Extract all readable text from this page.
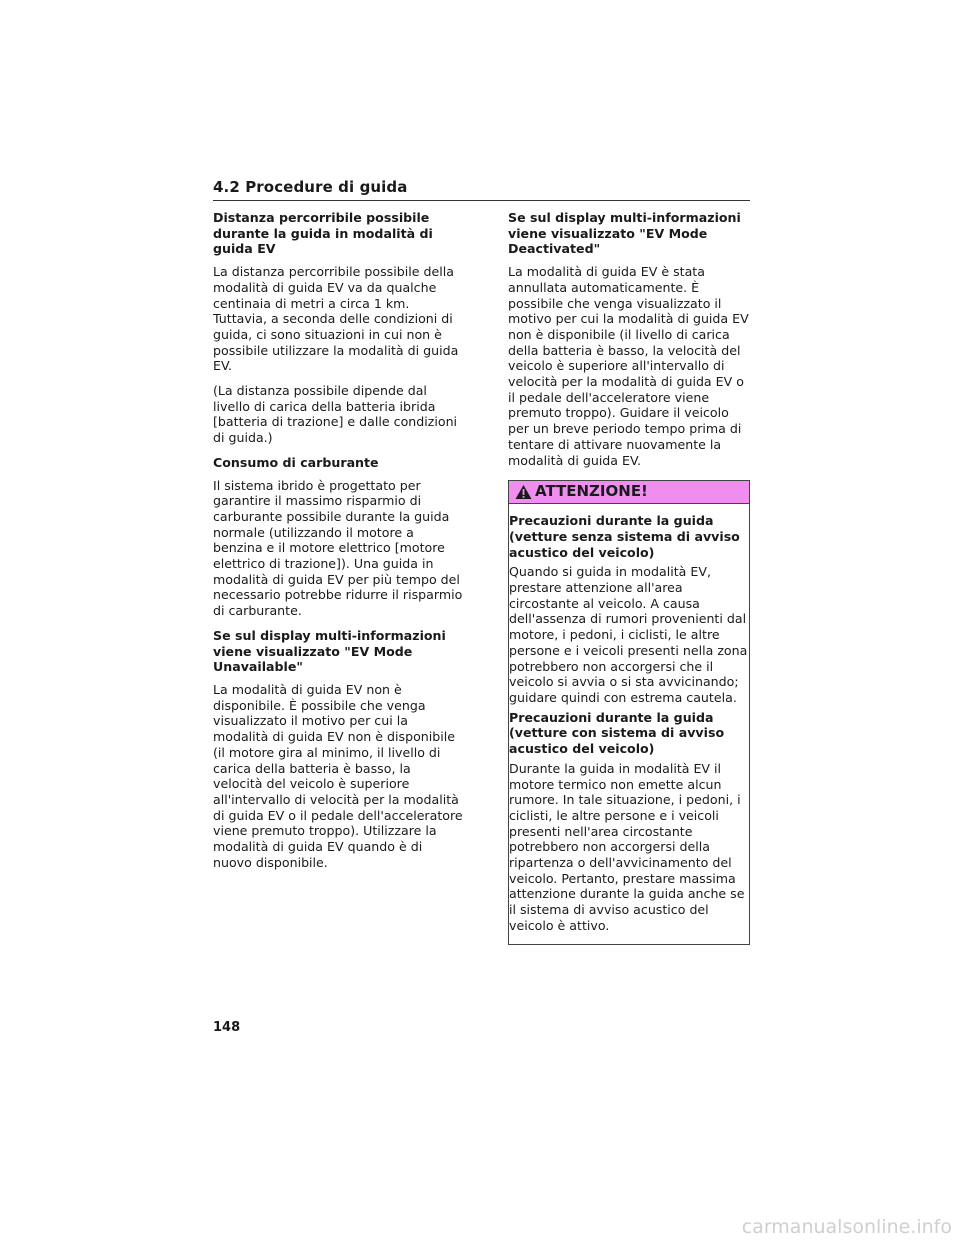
4.2 Procedure di guida
Distanza percorribile possibile durante la guida in modalità di guida EV

La distanza percorribile possibile della modalità di guida EV va da qualche centinaia di metri a circa 1 km. Tuttavia, a seconda delle condizioni di guida, ci sono situazioni in cui non è possibile utilizzare la modalità di guida EV.

(La distanza possibile dipende dal livello di carica della batteria ibrida [batteria di trazione] e dalle condizioni di guida.)

Consumo di carburante

Il sistema ibrido è progettato per garantire il massimo risparmio di carburante possibile durante la guida normale (utilizzando il motore a benzina e il motore elettrico [motore elettrico di trazione]). Una guida in modalità di guida EV per più tempo del necessario potrebbe ridurre il risparmio di carburante.

Se sul display multi-informazioni viene visualizzato "EV Mode Unavailable"

La modalità di guida EV non è disponibile. È possibile che venga visualizzato il motivo per cui la modalità di guida EV non è disponibile (il motore gira al minimo, il livello di carica della batteria è basso, la velocità del veicolo è superiore all'intervallo di velocità per la modalità di guida EV o il pedale dell'acceleratore viene premuto troppo). Utilizzare la modalità di guida EV quando è di nuovo disponibile.

Se sul display multi-informazioni viene visualizzato "EV Mode Deactivated"

La modalità di guida EV è stata annullata automaticamente. È possibile che venga visualizzato il motivo per cui la modalità di guida EV non è disponibile (il livello di carica della batteria è basso, la velocità del veicolo è superiore all'intervallo di velocità per la modalità di guida EV o il pedale dell'acceleratore viene premuto troppo). Guidare il veicolo per un breve periodo tempo prima di tentare di attivare nuovamente la modalità di guida EV.

ATTENZIONE!
Precauzioni durante la guida (vetture senza sistema di avviso acustico del veicolo)

Quando si guida in modalità EV, prestare attenzione all'area circostante al veicolo. A causa dell'assenza di rumori provenienti dal motore, i pedoni, i ciclisti, le altre persone e i veicoli presenti nella zona potrebbero non accorgersi che il veicolo si avvia o si sta avvicinando; guidare quindi con estrema cautela.

Precauzioni durante la guida (vetture con sistema di avviso acustico del veicolo)

Durante la guida in modalità EV il motore termico non emette alcun rumore. In tale situazione, i pedoni, i ciclisti, le altre persone e i veicoli presenti nell'area circostante potrebbero non accorgersi della ripartenza o dell'avvicinamento del veicolo. Pertanto, prestare massima attenzione durante la guida anche se il sistema di avviso acustico del veicolo è attivo.

148
carmanualsonline.info
